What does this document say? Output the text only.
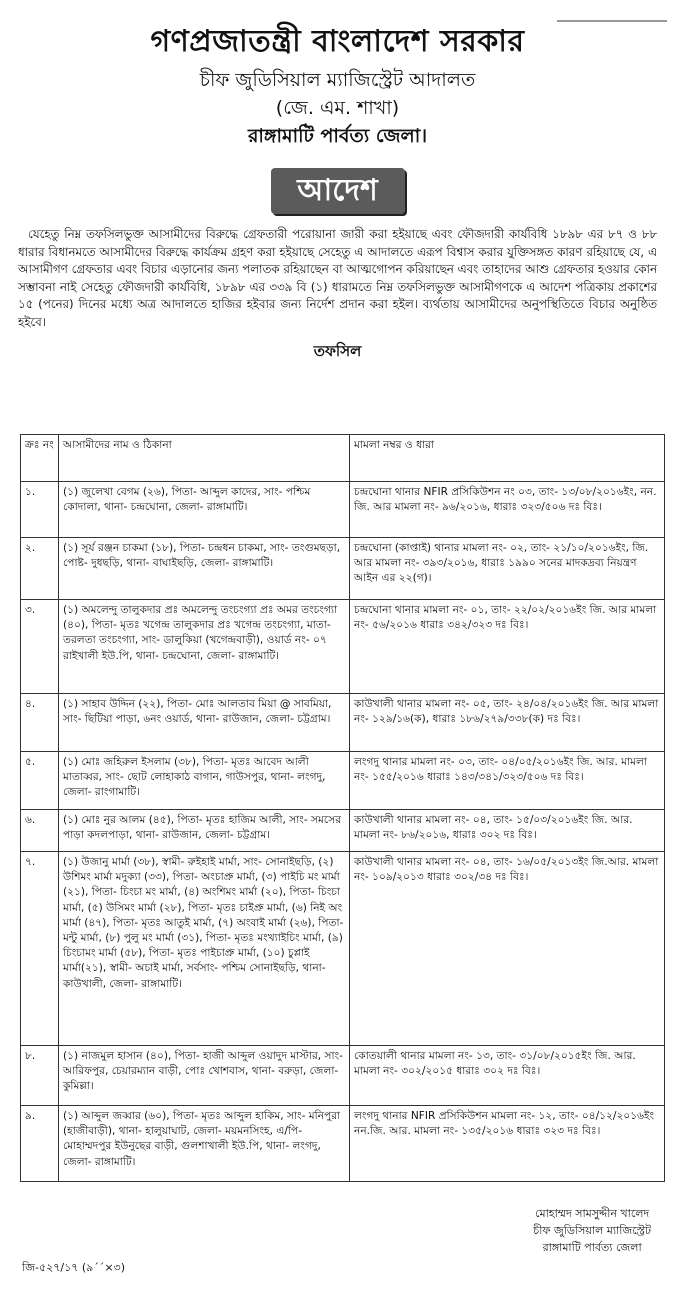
গণপ্রজাতন্ত্রী বাংলাদেশ সরকার
চীফ জুডিসিয়াল ম্যাজিস্ট্রেট আদালত
(জে. এম. শাখা)
রাঙ্গামাটি পার্বত্য জেলা।
আদেশ

যেহেতু নিম্ন তফসিলভুক্ত আসামীদের বিরুদ্ধে গ্রেফতারী পরোয়ানা জারী করা হইয়াছে এবং ফৌজদারী কার্যবিধি ১৮৯৮ এর ৮৭ ও ৮৮ ধারার বিধানমতে আসামীদের বিরুদ্ধে কার্যক্রম গ্রহণ করা হইয়াছে সেহেতু এ আদালতে এরূপ বিশ্বাস করার যুক্তিসঙ্গত কারণ রহিয়াছে যে, এ আসামীগণ গ্রেফতার এবং বিচার এড়ানোর জন্য পলাতক রহিয়াছেন বা আত্মগোপন করিয়াছেন এবং তাহাদের আশু গ্রেফতার হওয়ার কোন সম্ভাবনা নাই সেহেতু ফৌজদারী কার্যবিধি, ১৮৯৮ এর ৩৩৯ বি (১) ধারামতে নিম্ন তফসিলভুক্ত আসামীগণকে এ আদেশ পত্রিকায় প্রকাশের ১৫ (পনের) দিনের মধ্যে অত্র আদালতে হাজির হইবার জন্য নির্দেশ প্রদান করা হইল। ব্যর্থতায় আসামীদের অনুপস্থিতিতে বিচার অনুষ্ঠিত হইবে।

তফসিল
ক্রঃ নং	আসামীদের নাম ও ঠিকানা	মামলা নম্বর ও ধারা
১.	(১) জুলেখা বেগম (২৬), পিতা- আব্দুল কাদের, সাং- পশ্চিম কোদালা, থানা- চন্দ্রঘোনা, জেলা- রাঙ্গামাটি।	চন্দ্রঘোনা থানার NFIR প্রসিকিউশন নং ০৩, তাং- ১৩/০৮/২০১৬ইং, নন. জি. আর মামলা নং- ৯৬/২০১৬, ধারাঃ ৩২৩/৫০৬ দঃ বিঃ।
২.	(১) সূর্য রঞ্জন চাকমা (১৮), পিতা- চন্দ্রধন চাকমা, সাং- তংগুমছড়া, পোষ্ট- দুধছড়ি, থানা- বাঘাইছড়ি, জেলা- রাঙ্গামাটি।	চন্দ্রঘোনা (কাপ্তাই) থানার মামলা নং- ০২, তাং- ২১/১০/২০১৬ইং, জি. আর মামলা নং- ৩৯৩/২০১৬, ধারাঃ ১৯৯০ সনের মাদকদ্রব্য নিয়ন্ত্রণ আইন এর ২২(গ)।
৩.	(১) অমলেন্দু তালুকদার প্রঃ অমলেন্দু তংচংগ্যা প্রঃ অমর তংচংগ্যা (৪০), পিতা- মৃতঃ খগেন্দ্র তালুকদার প্রঃ খগেন্দ্র তংচংগ্যা, মাতা- তরলতা তংচংগ্যা, সাং- ডালুকিয়া (খগেন্দ্রবাড়ী), ওয়ার্ড নং- ০৭ রাইখালী ইউ.পি, থানা- চন্দ্রঘোনা, জেলা- রাঙ্গামাটি।	চন্দ্রঘোনা থানার মামলা নং- ০১, তাং- ২২/০২/২০১৬ইং জি. আর মামলা নং- ৫৬/২০১৬ ধারাঃ ৩৪২/৩২৩ দঃ বিঃ।
৪.	(১) সাহাব উদ্দিন (২২), পিতা- মোঃ আলতাব মিয়া @ সাবমিয়া, সাং- ছিটিয়া পাড়া, ৬নং ওয়ার্ড, থানা- রাউজান, জেলা- চট্টগ্রাম।	কাউখালী থানার মামলা নং- ০৫, তাং- ২৪/০৪/২০১৬ইং জি. আর মামলা নং- ১২৯/১৬(ক), ধারাঃ ১৮৬/২৭৯/৩৩৮(ক) দঃ বিঃ।
৫.	(১) মোঃ জহিরুল ইসলাম (৩৮), পিতা- মৃতঃ আবেদ আলী মাতাব্বর, সাং- ছোট লোহাকাঠ বাগান, গাউসপুর, থানা- লংগদু, জেলা- রাংগামাটি।	লংগদু থানার মামলা নং- ০৩, তাং- ০৪/০৫/২০১৬ইং জি. আর. মামলা নং- ১৫৫/২০১৬ ধারাঃ ১৪৩/৩৪১/৩২৩/৫০৬ দঃ বিঃ।
৬.	(১) মোঃ নুর আলম (৪৫), পিতা- মৃতঃ হাজিম আলী, সাং- সমসের পাড়া কদলপাড়া, থানা- রাউজান, জেলা- চট্টগ্রাম।	কাউখালী থানার মামলা নং- ০৪, তাং- ১৫/০৩/২০১৬ইং জি. আর. মামলা নং- ৮৬/২০১৬, ধারাঃ ৩০২ দঃ বিঃ।
৭.	(১) উজানু মার্মা (৩৮), স্বামী- রুইহাই মার্মা, সাং- সোনাইছড়ি, (২) উশিমং মার্মা মদুক্যা (৩৩), পিতা- অংচাপ্রু মার্মা, (৩) পাইচি মং মার্মা (২১), পিতা- চিংচা মং মার্মা, (৪) অংশিমং মার্মা (২০), পিতা- চিংচা মার্মা, (৫) উসিমং মার্মা (২৮), পিতা- মৃতঃ চাইপ্রু মার্মা, (৬) নিই অং মার্মা (৪৭), পিতা- মৃতঃ আতুই মার্মা, (৭) অংবাই মার্মা (২৬), পিতা- মন্টু মার্মা, (৮) পুলু মং মার্মা (৩১), পিতা- মৃতঃ মংখ্যাইচিং মার্মা, (৯) চিংচামং মার্মা (৫৮), পিতা- মৃতঃ পাইচাপ্রু মার্মা, (১০) চুপ্লাই মার্মা(২১), স্বামী- অচাই মার্মা, সর্বসাং- পশ্চিম সোনাইছড়ি, থানা- কাউখালী, জেলা- রাঙ্গামাটি।	কাউখালী থানার মামলা নং- ০৪, তাং- ১৬/০৫/২০১৩ইং জি.আর. মামলা নং- ১০৯/২০১৩ ধারাঃ ৩০২/৩৪ দঃ বিঃ।
৮.	(১) নাজমুল হাসান (৪০), পিতা- হাজী আব্দুল ওয়াদুদ মাস্টার, সাং- আরিফপুর, চেয়ারম্যান বাড়ী, পোঃ খোশবাস, থানা- বরুড়া, জেলা- কুমিল্লা।	কোতয়ালী থানার মামলা নং- ১৩, তাং- ৩১/০৮/২০১৫ইং জি. আর. মামলা নং- ৩০২/২০১৫ ধারাঃ ৩০২ দঃ বিঃ।
৯.	(১) আব্দুল জব্বার (৬০), পিতা- মৃতঃ আব্দুল হাকিম, সাং- মনিপুরা (হাজীবাড়ী), থানা- হালুয়াঘাট, জেলা- ময়মনসিংহ, এ/পি- মোহাম্মদপুর ইউনুছের বাড়ী, গুলশাখালী ইউ.পি, থানা- লংগদু, জেলা- রাঙ্গামাটি।	লংগদু থানার NFIR প্রসিকিউশন মামলা নং- ১২, তাং- ০৪/১২/২০১৬ইং নন.জি. আর. মামলা নং- ১৩৫/২০১৬ ধারাঃ ৩২৩ দঃ বিঃ।
মোহাম্মদ সামসুদ্দীন খালেদ
চীফ জুডিসিয়াল ম্যাজিস্ট্রেট
রাঙ্গামাটি পার্বত্য জেলা
জি-৫২৭/১৭ (৯´´×৩)
